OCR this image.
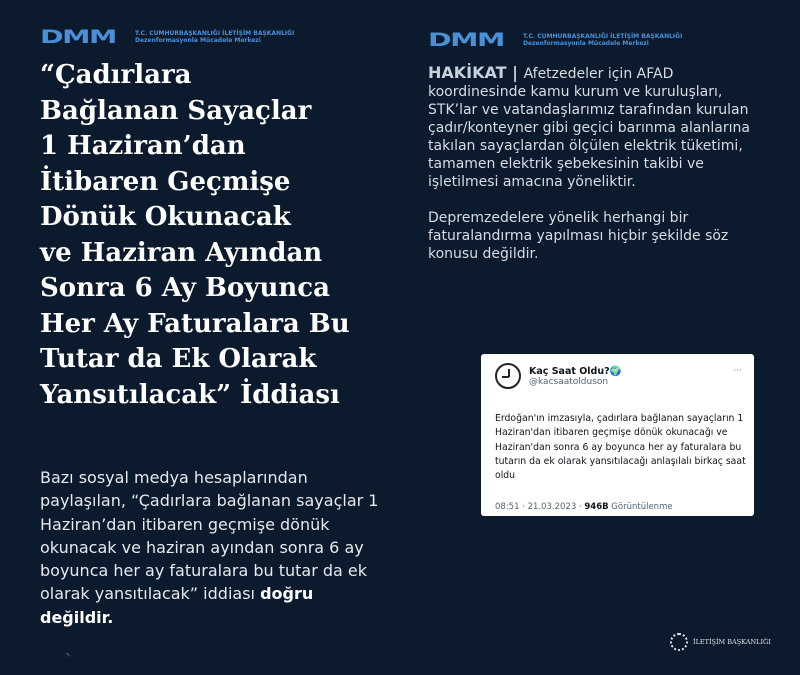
DMM	T.C. CUMHURBAŞKANLIĞI İLETİŞİM BAŞKANLIĞI
Dezenformasyonla Mücadele Merkezi	DMM	T.C. CUMHURBAŞKANLIĞI İLETİŞİM BAŞKANLIĞI
Dezenformasyonla Mücadele Merkezi
“Çadırlara
Bağlanan Sayaçlar
1 Haziran’dan
İtibaren Geçmişe
Dönük Okunacak
ve Haziran Ayından
Sonra 6 Ay Boyunca
Her Ay Faturalara Bu
Tutar da Ek Olarak
Yansıtılacak” İddiası
Bazı sosyal medya hesaplarından paylaşılan, “Çadırlara bağlanan sayaçlar 1 Haziran’dan itibaren geçmişe dönük okunacak ve haziran ayından sonra 6 ay boyunca her ay faturalara bu tutar da ek olarak yansıtılacak” iddiası doğru değildir.

HAKİKAT | Afetzedeler için AFAD koordinesinde kamu kurum ve kuruluşları, STK’lar ve vatandaşlarımız tarafından kurulan çadır/konteyner gibi geçici barınma alanlarına takılan sayaçlardan ölçülen elektrik tüketimi, tamamen elektrik şebekesinin takibi ve işletilmesi amacına yöneliktir.

Depremzedelere yönelik herhangi bir faturalandırma yapılması hiçbir şekilde söz konusu değildir.

Kaç Saat Oldu?🌍
@kacsaatolduson
···
Erdoğan'ın imzasıyla, çadırlara bağlanan sayaçların 1 Haziran'dan itibaren geçmişe dönük okunacağı ve Haziran'dan sonra 6 ay boyunca her ay faturalara bu tutarın da ek olarak yansıtılacağı anlaşılalı birkaç saat oldu
08:51 · 21.03.2023 · 946B Görüntülenme
◝
İLETİŞİM BAŞKANLIĞI
